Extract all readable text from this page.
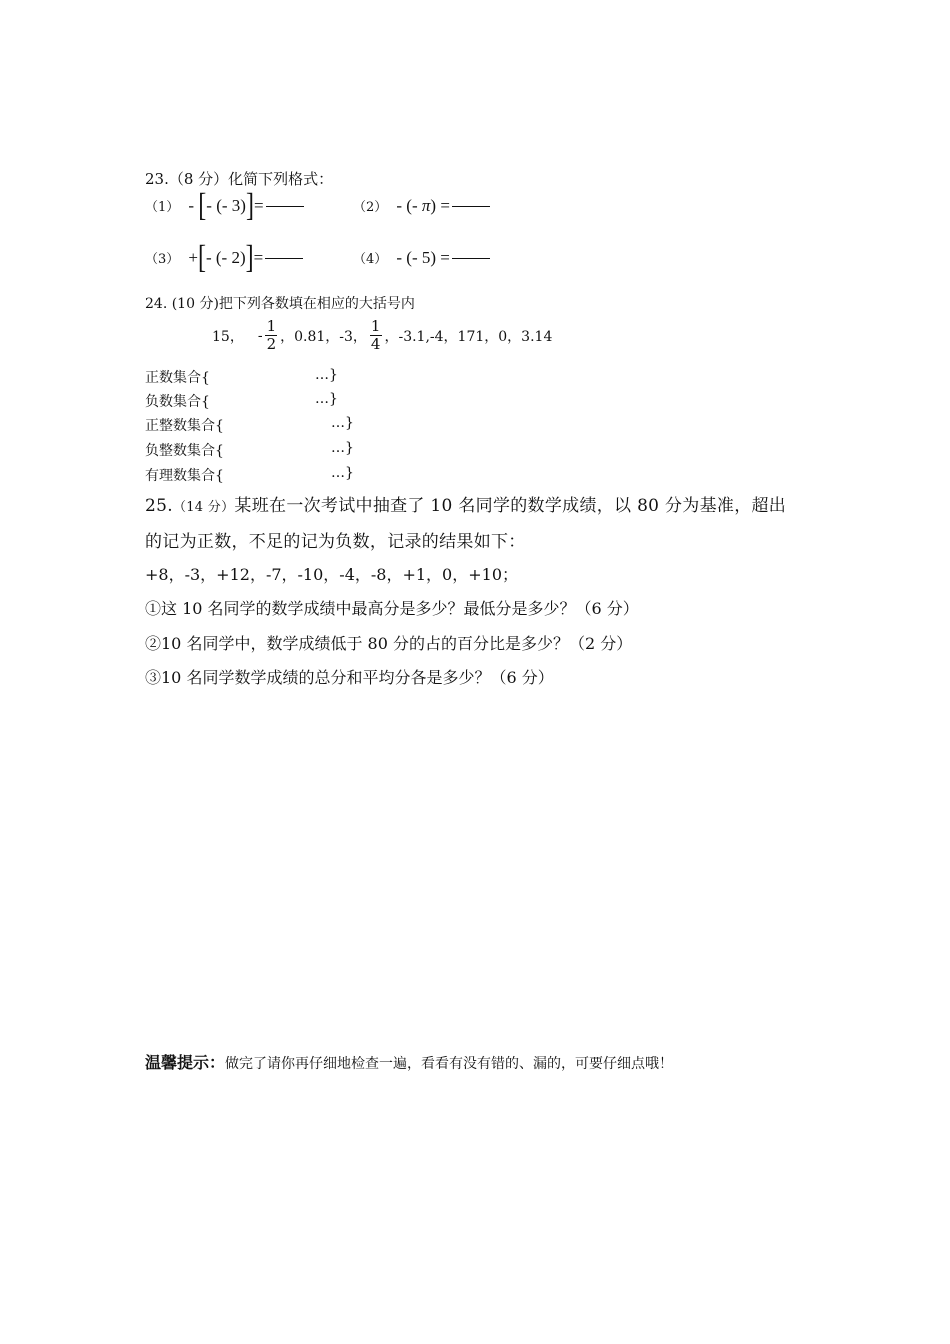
23.（8 分）化简下列格式：
（1） - [- (- 3)]=	（2） - (- π) =
（3） +[- (- 2)]=	（4） - (- 5) =
24. (10 分)把下列各数填在相应的大括号内
15， - $\frac{1}{2}$ ，0.81，-3， $\frac{1}{4}$ ，-3.1,-4，171，0，3.14
正数集合{	…}
负数集合{	…}
正整数集合{	…}
负整数集合{	…}
有理数集合{	…}
25.（14 分）某班在一次考试中抽查了 10 名同学的数学成绩，以 80 分为基准，超出
的记为正数，不足的记为负数，记录的结果如下：
+8，-3，+12，-7，-10，-4，-8，+1，0，+10；
①这 10 名同学的数学成绩中最高分是多少？最低分是多少？（6 分）
②10 名同学中，数学成绩低于 80 分的占的百分比是多少？（2 分）
③10 名同学数学成绩的总分和平均分各是多少？（6 分）
温馨提示：做完了请你再仔细地检查一遍，看看有没有错的、漏的，可要仔细点哦！
